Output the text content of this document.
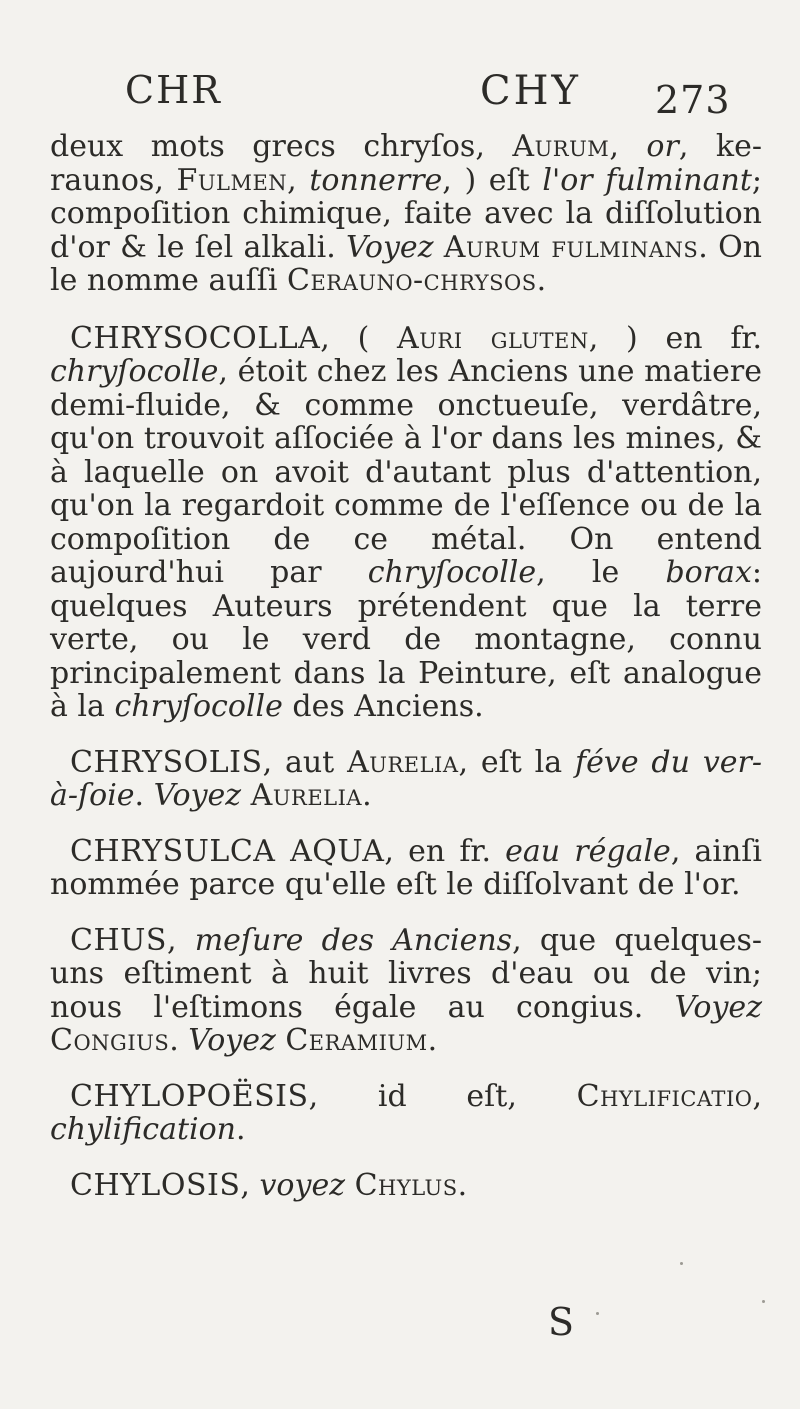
CHR	CHY 273

deux mots grecs chryſos, Aurum, or, ke-raunos, Fulmen, tonnerre, ) eſt l'or fulminant; compoſition chimique, faite avec la diſſolution d'or & le ſel alkali. Voyez Aurum fulminans. On le nomme auſſi Cerauno-chrysos.

CHRYSOCOLLA, ( Auri gluten, ) en fr. chryſocolle, étoit chez les Anciens une matiere demi-fluide, & comme onctueuſe, verdâtre, qu'on trouvoit aſſociée à l'or dans les mines, & à laquelle on avoit d'autant plus d'attention, qu'on la regardoit comme de l'eſſence ou de la compoſition de ce métal. On entend aujourd'hui par chryſocolle, le borax: quelques Auteurs prétendent que la terre verte, ou le verd de montagne, connu principalement dans la Peinture, eſt analogue à la chryſocolle des Anciens.

CHRYSOLIS, aut Aurelia, eſt la féve du ver-à-ſoie. Voyez Aurelia.

CHRYSULCA AQUA, en fr. eau régale, ainſi nommée parce qu'elle eſt le diſſolvant de l'or.

CHUS, meſure des Anciens, que quelques-uns eſtiment à huit livres d'eau ou de vin; nous l'eſtimons égale au congius. Voyez Congius. Voyez Ceramium.

CHYLOPOËSIS, id eſt, Chylificatio, chylification.

CHYLOSIS, voyez Chylus.

S
